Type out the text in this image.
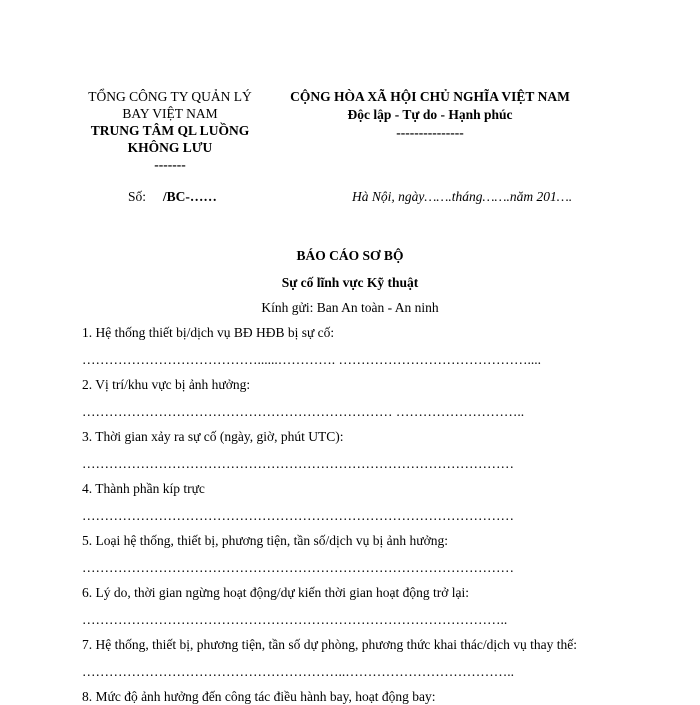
TỔNG CÔNG TY QUẢN LÝ
BAY VIỆT NAM
TRUNG TÂM QL LUỒNG
KHÔNG LƯU
-------
CỘNG HÒA XÃ HỘI CHỦ NGHĨA VIỆT NAM
Độc lập - Tự do - Hạnh phúc
---------------
Số: /BC-……	Hà Nội, ngày…….tháng…….năm 201….
BÁO CÁO SƠ BỘ
Sự cố lĩnh vực Kỹ thuật
Kính gửi: Ban An toàn - An ninh
1. Hệ thống thiết bị/dịch vụ BĐ HĐB bị sự cố:
…………………………………......…………. ……………………………………....
2. Vị trí/khu vực bị ảnh hưởng:
…………………………………………………………… ………………………..
3. Thời gian xảy ra sự cố (ngày, giờ, phút UTC):
……………………………………………………………………………………
4. Thành phần kíp trực
……………………………………………………………………………………
5. Loại hệ thống, thiết bị, phương tiện, tần số/dịch vụ bị ảnh hưởng:
……………………………………………………………………………………
6. Lý do, thời gian ngừng hoạt động/dự kiến thời gian hoạt động trở lại:
…………………………………………………………………………………..
7. Hệ thống, thiết bị, phương tiện, tần số dự phòng, phương thức khai thác/dịch vụ thay thế:
…………………………………………………..………………………………..
8. Mức độ ảnh hưởng đến công tác điều hành bay, hoạt động bay:
